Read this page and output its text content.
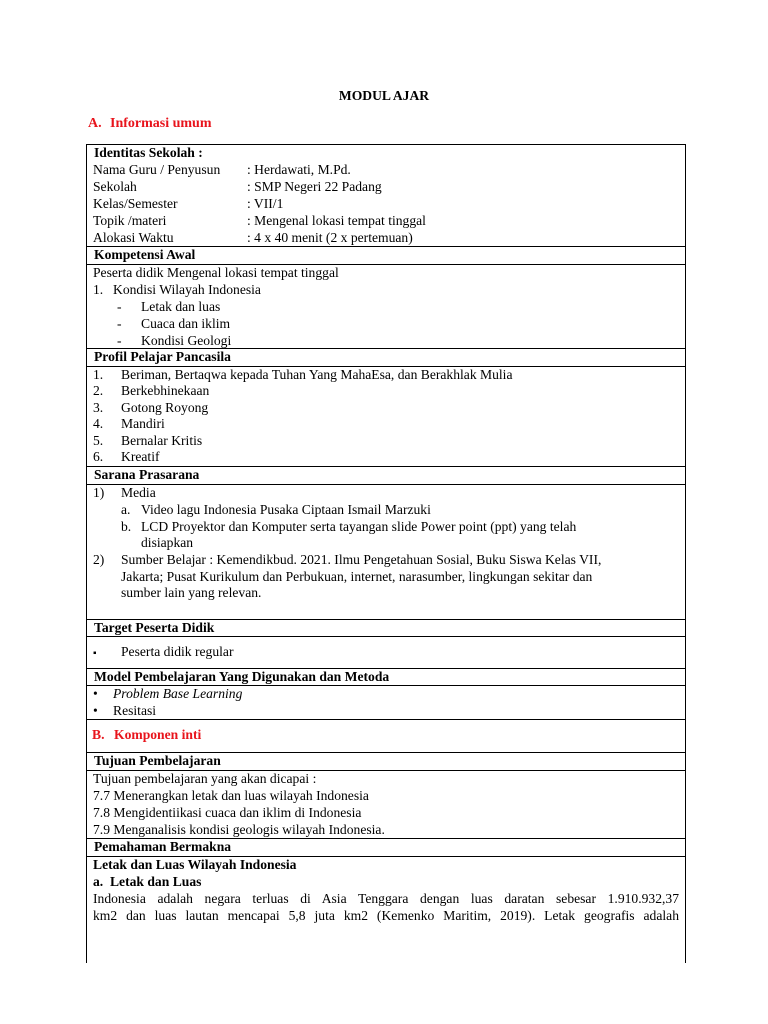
MODUL AJAR
A. Informasi umum
Identitas Sekolah :
Nama Guru / Penyusun : Herdawati, M.Pd.
Sekolah	: SMP Negeri 22 Padang
Kelas/Semester	: VII/1
Topik /materi	: Mengenal lokasi tempat tinggal
Alokasi Waktu	: 4 x 40 menit (2 x pertemuan)
Kompetensi Awal
Peserta didik Mengenal lokasi tempat tinggal
1. Kondisi Wilayah Indonesia
- Letak dan luas
- Cuaca dan iklim
- Kondisi Geologi
Profil Pelajar Pancasila
1. Beriman, Bertaqwa kepada Tuhan Yang MahaEsa, dan Berakhlak Mulia
2. Berkebhinekaan
3. Gotong Royong
4. Mandiri
5. Bernalar Kritis
6. Kreatif
Sarana Prasarana
1) Media
a. Video lagu Indonesia Pusaka Ciptaan Ismail Marzuki
b. LCD Proyektor dan Komputer serta tayangan slide Power point (ppt) yang telah
disiapkan
2) Sumber Belajar : Kemendikbud. 2021. Ilmu Pengetahuan Sosial, Buku Siswa Kelas VII,
Jakarta; Pusat Kurikulum dan Perbukuan, internet, narasumber, lingkungan sekitar dan
sumber lain yang relevan.
Target Peserta Didik
▪ Peserta didik regular
Model Pembelajaran Yang Digunakan dan Metoda
• Problem Base Learning
• Resitasi
B. Komponen inti
Tujuan Pembelajaran
Tujuan pembelajaran yang akan dicapai :
7.7 Menerangkan letak dan luas wilayah Indonesia
7.8 Mengidentiikasi cuaca dan iklim di Indonesia
7.9 Menganalisis kondisi geologis wilayah Indonesia.
Pemahaman Bermakna
Letak dan Luas Wilayah Indonesia
a.  Letak dan Luas
Indonesia adalah negara terluas di Asia Tenggara dengan luas daratan sebesar 1.910.932,37
km2 dan luas lautan mencapai 5,8 juta km2 (Kemenko Maritim, 2019). Letak geografis adalah
